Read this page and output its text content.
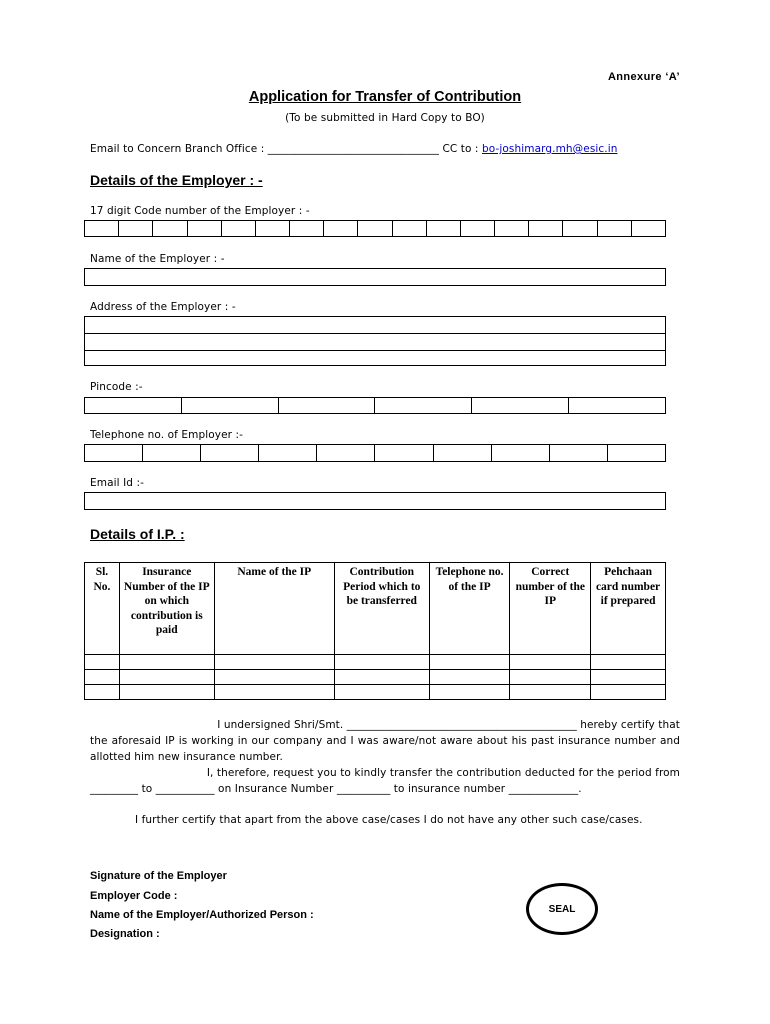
Annexure ‘A’
Application for Transfer of Contribution
(To be submitted in Hard Copy to BO)
Email to Concern Branch Office : ________________________________ CC to : bo-joshimarg.mh@esic.in
Details of the Employer : -
17 digit Code number of the Employer : -
Name of the Employer : -
Address of the Employer : -
Pincode :-
Telephone no. of Employer :-
Email Id :-
Details of I.P. :
Sl. No.	Insurance Number of the IP on which contribution is paid	Name of the IP	Contribution Period which to be transferred	Telephone no. of the IP	Correct number of the IP	Pehchaan card number if prepared

I undersigned Shri/Smt. ___________________________________________ hereby certify that
the aforesaid IP is working in our company and I was aware/not aware about his past insurance number and allotted him new insurance number.
I, therefore, request you to kindly transfer the contribution deducted for the period from
_________ to ___________ on Insurance Number __________ to insurance number _____________.
I further certify that apart from the above case/cases I do not have any other such case/cases.
Signature of the Employer
Employer Code :
Name of the Employer/Authorized Person :
Designation :
SEAL
